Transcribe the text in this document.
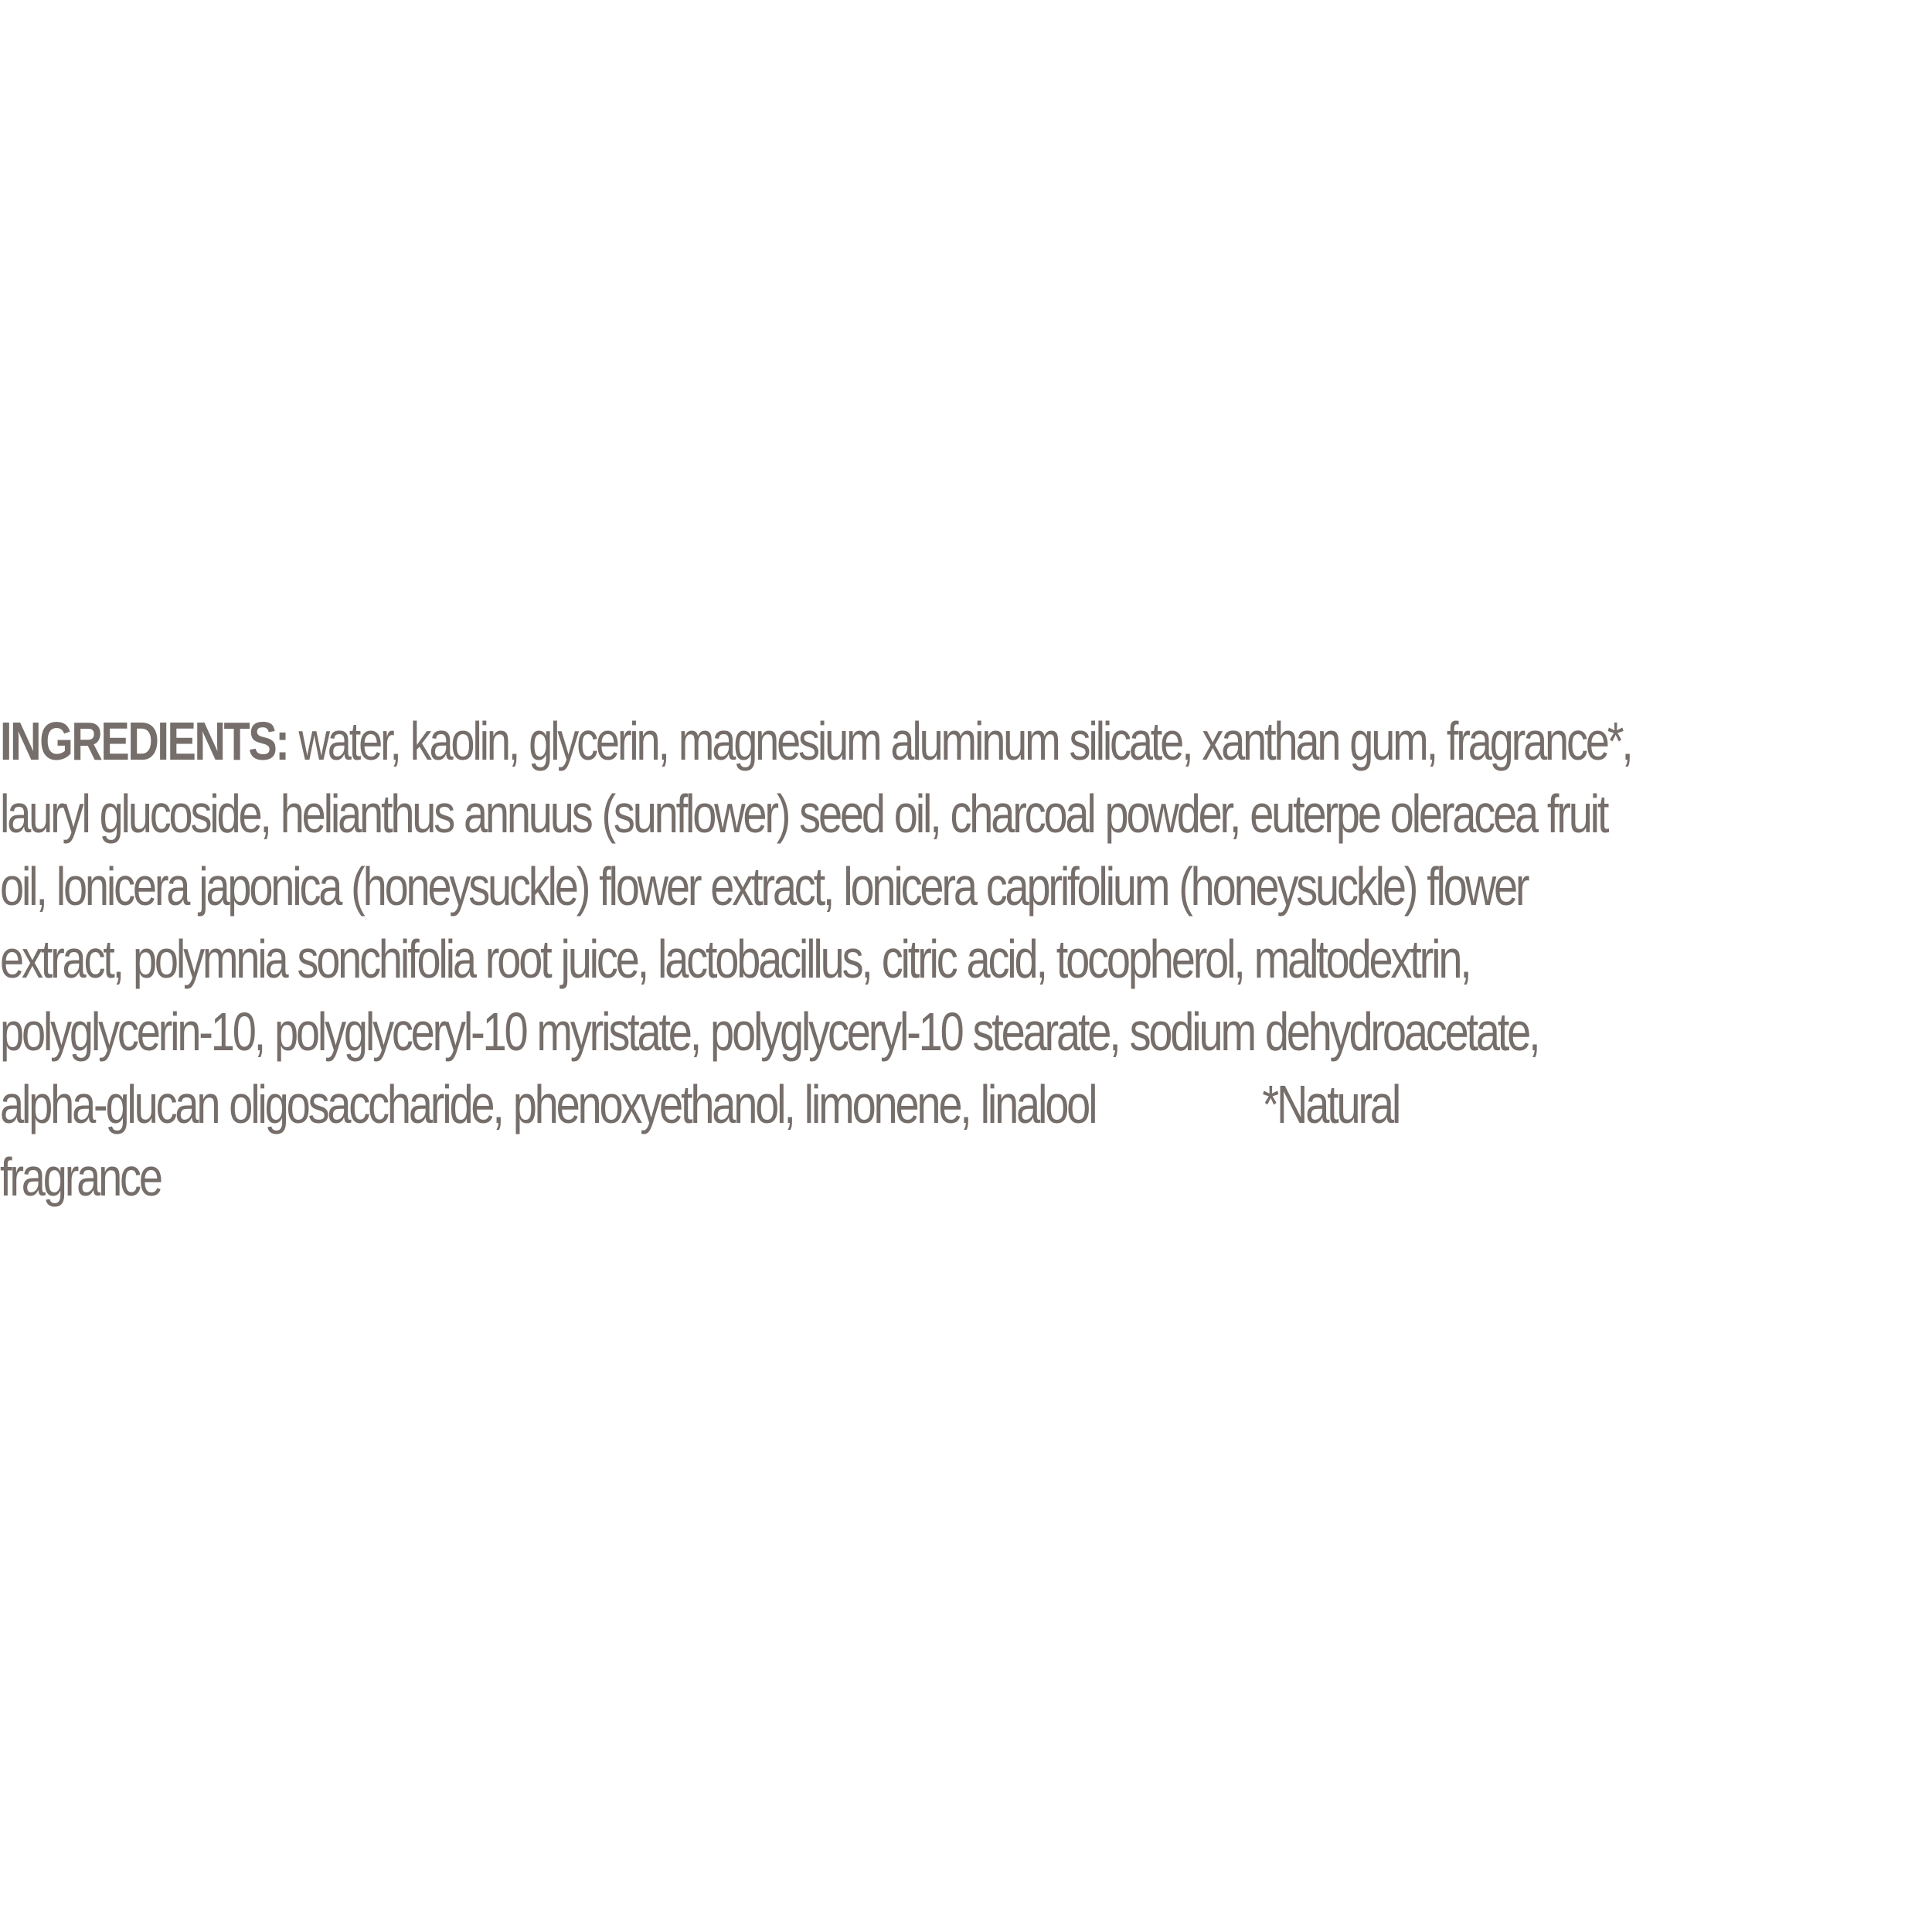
INGREDIENTS: water, kaolin, glycerin, magnesium aluminum silicate, xanthan gum, fragrance*,
lauryl glucoside, helianthus annuus (sunflower) seed oil, charcoal powder, euterpe oleracea fruit
oil, lonicera japonica (honeysuckle) flower extract, lonicera caprifolium (honeysuckle) flower
extract, polymnia sonchifolia root juice, lactobacillus, citric acid, tocopherol, maltodextrin,
polyglycerin-10, polyglyceryl-10 myristate, polyglyceryl-10 stearate, sodium dehydroacetate,
alpha-glucan oligosaccharide, phenoxyethanol, limonene, linalool	*Natural
fragrance
